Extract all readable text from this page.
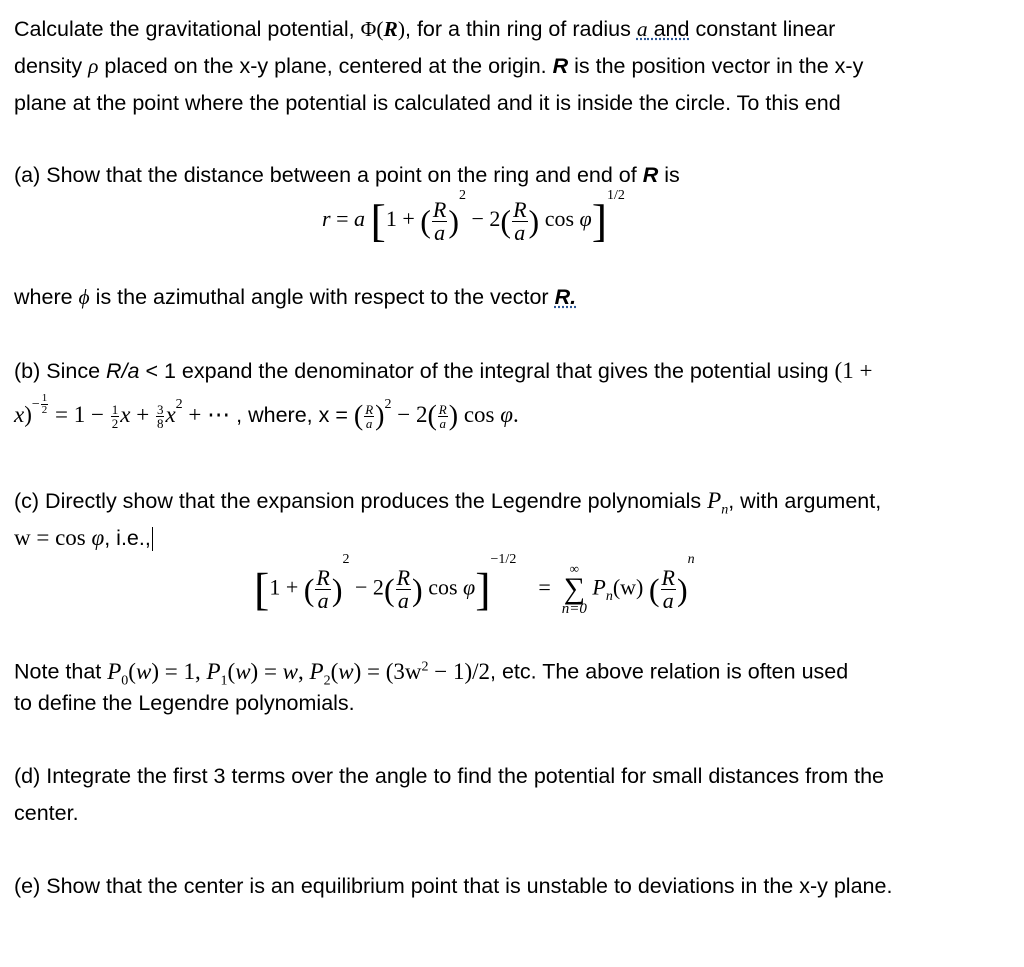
Calculate the gravitational potential, Φ(R), for a thin ring of radius a and constant linear
density ρ placed on the x-y plane, centered at the origin. R is the position vector in the x-y
plane at the point where the potential is calculated and it is inside the circle. To this end
(a) Show that the distance between a point on the ring and end of R is
r = a [1 + ( $\frac{R}{a} )^2 - 2( \frac{R}{a}$ ) cos φ]$^{1/2}$
where ϕ is the azimuthal angle with respect to the vector R.
(b) Since R/a < 1 expand the denominator of the integral that gives the potential using (1 +
$x)^{- \frac{1}{2}} = 1 - \frac{1}{2}$ $x + \frac{3}{8} x^2$ + ⋯ , where, x = ( $\frac{R}{a} )^2 - 2( \frac{R}{a}$ ) cos φ.
(c) Directly show that the expansion produces the Legendre polynomials $P_n$, with argument,
w = cos φ, i.e.,
[1 + ( $\frac{R}{a} )^2 - 2( \frac{R}{a}$ ) cos φ]$^{-1/2}$    =
∞
∑
n=0
$P_n(w)$ ( $\frac{R}{a} )^n$
Note that $P_0(w) = 1$, $P_1(w) = w$, $P_2(w) = (3w^2 - 1)/2$, etc. The above relation is often used
to define the Legendre polynomials.
(d) Integrate the first 3 terms over the angle to find the potential for small distances from the
center.
(e) Show that the center is an equilibrium point that is unstable to deviations in the x-y plane.
